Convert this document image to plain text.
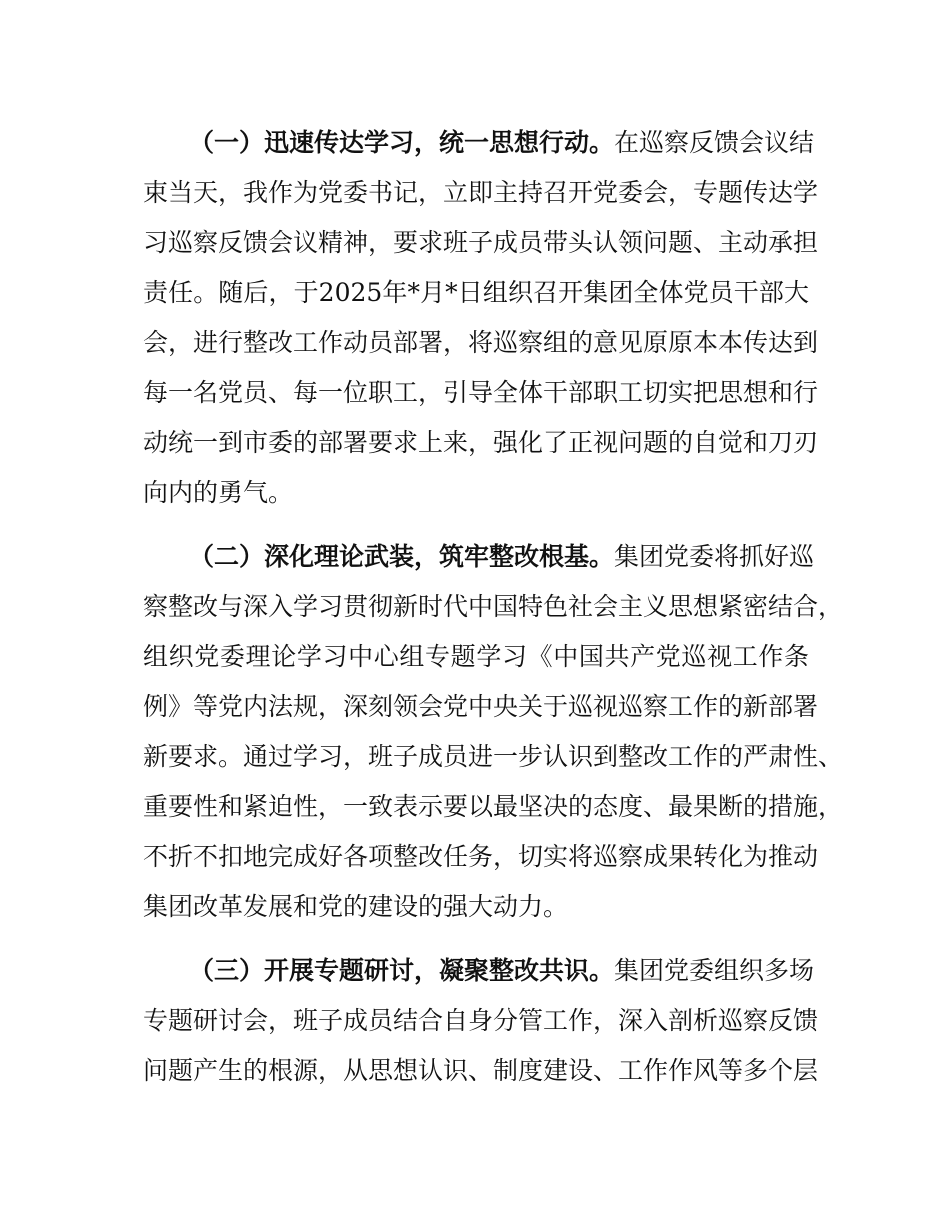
（一）迅速传达学习，统一思想行动。在巡察反馈会议结
束当天，我作为党委书记，立即主持召开党委会，专题传达学
习巡察反馈会议精神，要求班子成员带头认领问题、主动承担
责任。随后，于2025年*月*日组织召开集团全体党员干部大
会，进行整改工作动员部署，将巡察组的意见原原本本传达到
每一名党员、每一位职工，引导全体干部职工切实把思想和行
动统一到市委的部署要求上来，强化了正视问题的自觉和刀刃
向内的勇气。
（二）深化理论武装，筑牢整改根基。集团党委将抓好巡
察整改与深入学习贯彻新时代中国特色社会主义思想紧密结合，
组织党委理论学习中心组专题学习《中国共产党巡视工作条
例》等党内法规，深刻领会党中央关于巡视巡察工作的新部署
新要求。通过学习，班子成员进一步认识到整改工作的严肃性、
重要性和紧迫性，一致表示要以最坚决的态度、最果断的措施，
不折不扣地完成好各项整改任务，切实将巡察成果转化为推动
集团改革发展和党的建设的强大动力。
（三）开展专题研讨，凝聚整改共识。集团党委组织多场
专题研讨会，班子成员结合自身分管工作，深入剖析巡察反馈
问题产生的根源，从思想认识、制度建设、工作作风等多个层
